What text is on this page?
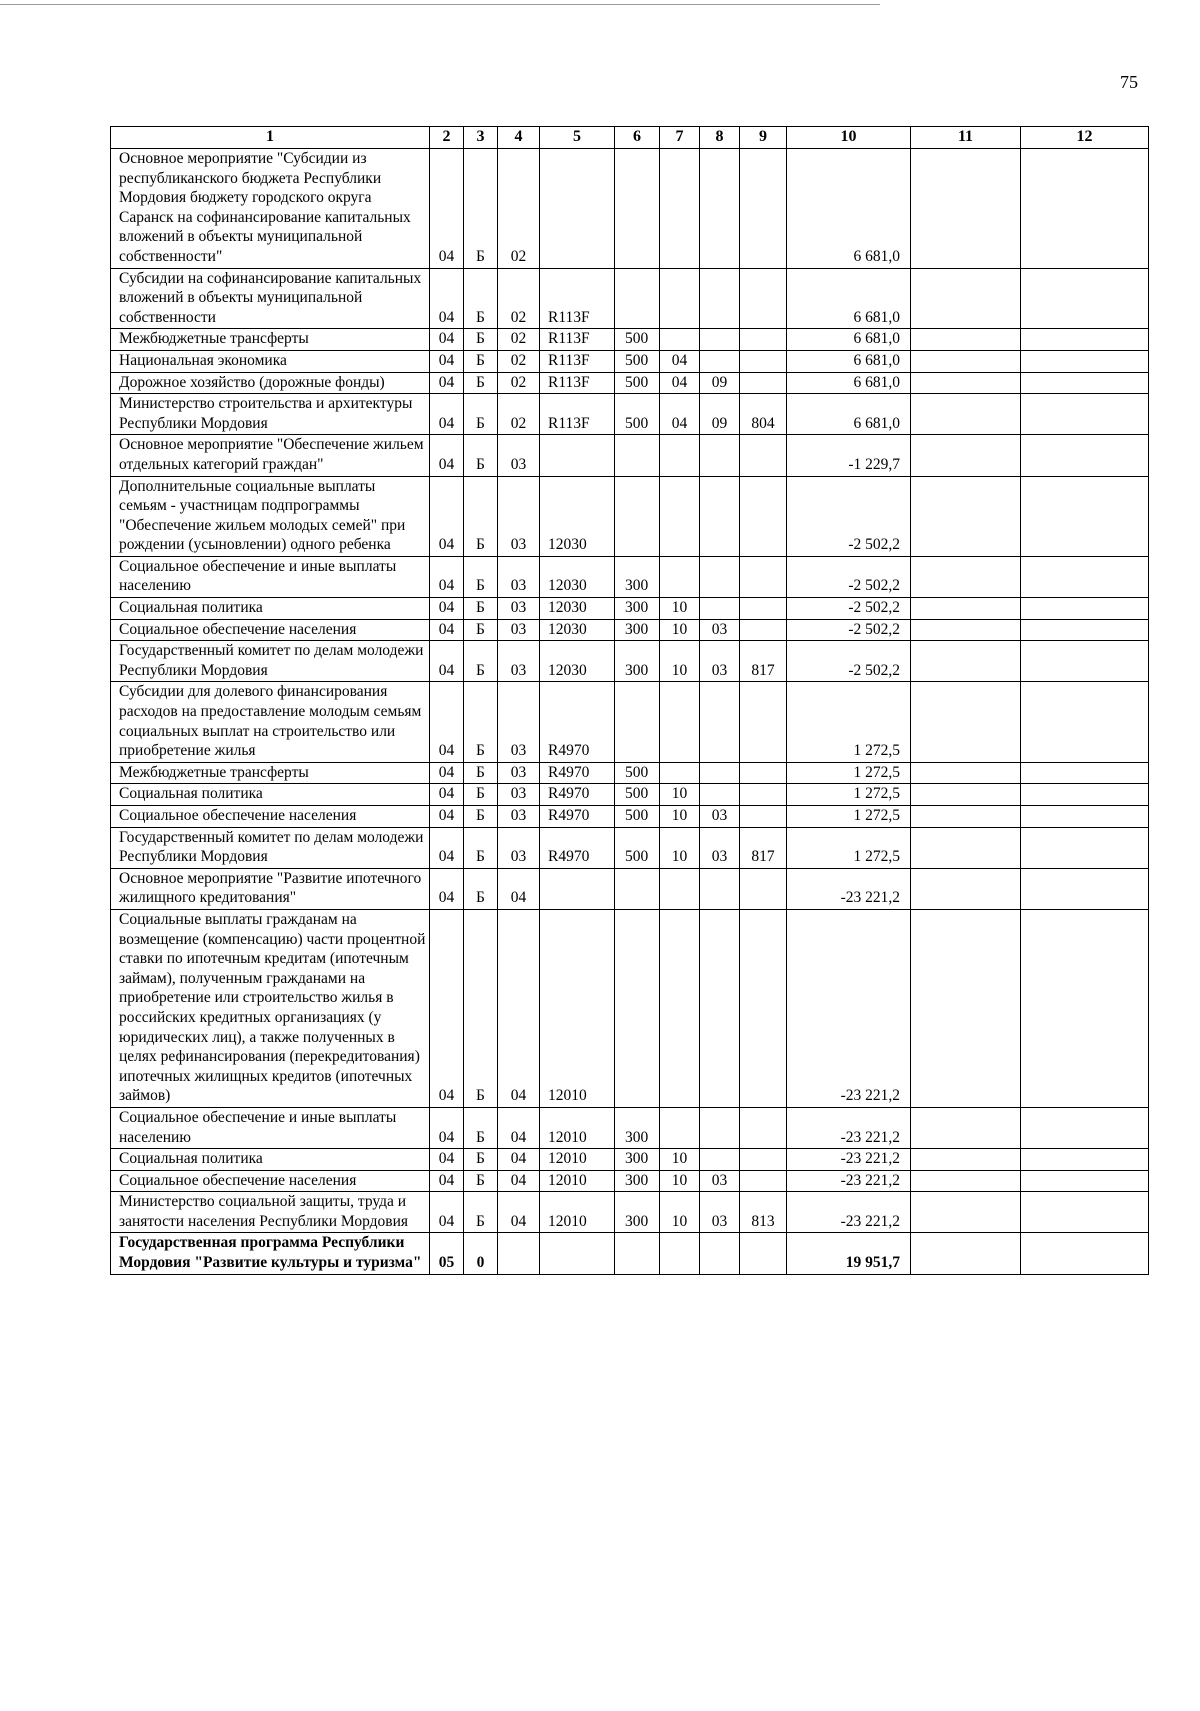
75
1	2	3	4	5	6	7	8	9	10	11	12
Основное мероприятие "Субсидии из республиканского бюджета Республики Мордовия бюджету городского округа Саранск на софинансирование капитальных вложений в объекты муниципальной собственности"	04	Б	02						6 681,0		
Субсидии на софинансирование капитальных вложений в объекты муниципальной собственности	04	Б	02	R113F					6 681,0		
Межбюджетные трансферты	04	Б	02	R113F	500				6 681,0		
Национальная экономика	04	Б	02	R113F	500	04			6 681,0		
Дорожное хозяйство (дорожные фонды)	04	Б	02	R113F	500	04	09		6 681,0		
Министерство строительства и архитектуры Республики Мордовия	04	Б	02	R113F	500	04	09	804	6 681,0		
Основное мероприятие "Обеспечение жильем отдельных категорий граждан"	04	Б	03						-1 229,7		
Дополнительные социальные выплаты семьям - участницам подпрограммы "Обеспечение жильем молодых семей" при рождении (усыновлении) одного ребенка	04	Б	03	12030					-2 502,2		
Социальное обеспечение и иные выплаты населению	04	Б	03	12030	300				-2 502,2		
Социальная политика	04	Б	03	12030	300	10			-2 502,2		
Социальное обеспечение населения	04	Б	03	12030	300	10	03		-2 502,2		
Государственный комитет по делам молодежи Республики Мордовия	04	Б	03	12030	300	10	03	817	-2 502,2		
Субсидии для долевого финансирования расходов на предоставление молодым семьям социальных выплат на строительство или приобретение жилья	04	Б	03	R4970					1 272,5		
Межбюджетные трансферты	04	Б	03	R4970	500				1 272,5		
Социальная политика	04	Б	03	R4970	500	10			1 272,5		
Социальное обеспечение населения	04	Б	03	R4970	500	10	03		1 272,5		
Государственный комитет по делам молодежи Республики Мордовия	04	Б	03	R4970	500	10	03	817	1 272,5		
Основное мероприятие "Развитие ипотечного жилищного кредитования"	04	Б	04						-23 221,2		
Социальные выплаты гражданам на возмещение (компенсацию) части процентной ставки по ипотечным кредитам (ипотечным займам), полученным гражданами на приобретение или строительство жилья в российских кредитных организациях (у юридических лиц), а также полученных в целях рефинансирования (перекредитования) ипотечных жилищных кредитов (ипотечных займов)	04	Б	04	12010					-23 221,2		
Социальное обеспечение и иные выплаты населению	04	Б	04	12010	300				-23 221,2		
Социальная политика	04	Б	04	12010	300	10			-23 221,2		
Социальное обеспечение населения	04	Б	04	12010	300	10	03		-23 221,2		
Министерство социальной защиты, труда и занятости населения Республики Мордовия	04	Б	04	12010	300	10	03	813	-23 221,2		
Государственная программа Республики Мордовия "Развитие культуры и туризма"	05	0							19 951,7		
